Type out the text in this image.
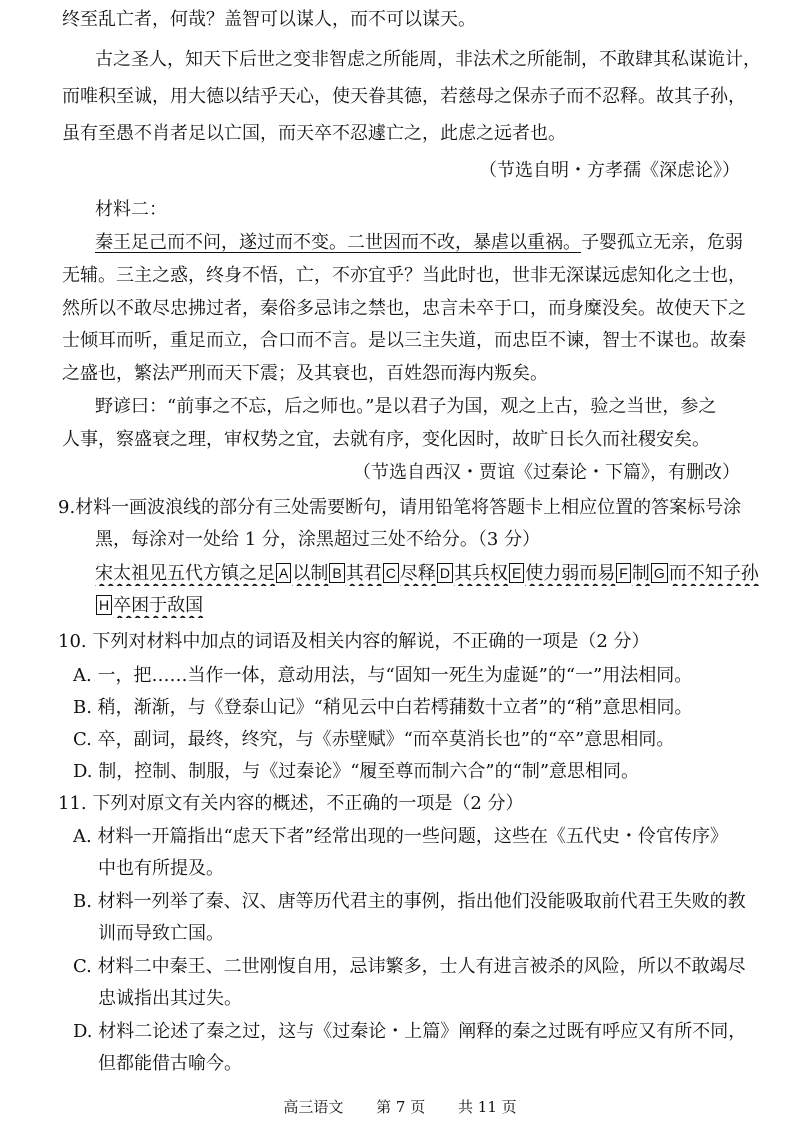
终至乱亡者，何哉？盖智可以谋人，而不可以谋天。
古之圣人，知天下后世之变非智虑之所能周，非法术之所能制，不敢肆其私谋诡计，
而唯积至诚，用大德以结乎天心，使天眷其德，若慈母之保赤子而不忍释。故其子孙，
虽有至愚不肖者足以亡国，而天卒不忍遽亡之，此虑之远者也。
（节选自明・方孝孺《深虑论》）
材料二：
秦王足己而不问，遂过而不变。二世因而不改，暴虐以重祸。子婴孤立无亲，危弱
无辅。三主之惑，终身不悟，亡，不亦宜乎？当此时也，世非无深谋远虑知化之士也，
然所以不敢尽忠拂过者，秦俗多忌讳之禁也，忠言未卒于口，而身糜没矣。故使天下之
士倾耳而听，重足而立，合口而不言。是以三主失道，而忠臣不谏，智士不谋也。故秦
之盛也，繁法严刑而天下震；及其衰也，百姓怨而海内叛矣。
野谚曰：“前事之不忘，后之师也。”是以君子为国，观之上古，验之当世，参之
人事，察盛衰之理，审权势之宜，去就有序，变化因时，故旷日长久而社稷安矣。
（节选自西汉・贾谊《过秦论・下篇》，有删改）
9.材料一画波浪线的部分有三处需要断句，请用铅笔将答题卡上相应位置的答案标号涂
黑，每涂对一处给 1 分，涂黑超过三处不给分。（3 分）
宋太祖见五代方镇之足 A 以制 B 其君 C 尽释 D 其兵权 E 使力弱而易 F 制 G 而不知子孙
H 卒困于敌国
10. 下列对材料中加点的词语及相关内容的解说，不正确的一项是（2 分）
A. 一，把……当作一体，意动用法，与“固知一死生为虚诞”的“一”用法相同。
B. 稍，渐渐，与《登泰山记》“稍见云中白若樗蒱数十立者”的“稍”意思相同。
C. 卒，副词，最终，终究，与《赤壁赋》“而卒莫消长也”的“卒”意思相同。
D. 制，控制、制服，与《过秦论》“履至尊而制六合”的“制”意思相同。
11. 下列对原文有关内容的概述，不正确的一项是（2 分）
A. 材料一开篇指出“虑天下者”经常出现的一些问题，这些在《五代史・伶官传序》
中也有所提及。
B. 材料一列举了秦、汉、唐等历代君主的事例，指出他们没能吸取前代君王失败的教
训而导致亡国。
C. 材料二中秦王、二世刚愎自用，忌讳繁多，士人有进言被杀的风险，所以不敢竭尽
忠诚指出其过失。
D. 材料二论述了秦之过，这与《过秦论・上篇》阐释的秦之过既有呼应又有所不同，
但都能借古喻今。
高三语文 第 7 页 共 11 页
